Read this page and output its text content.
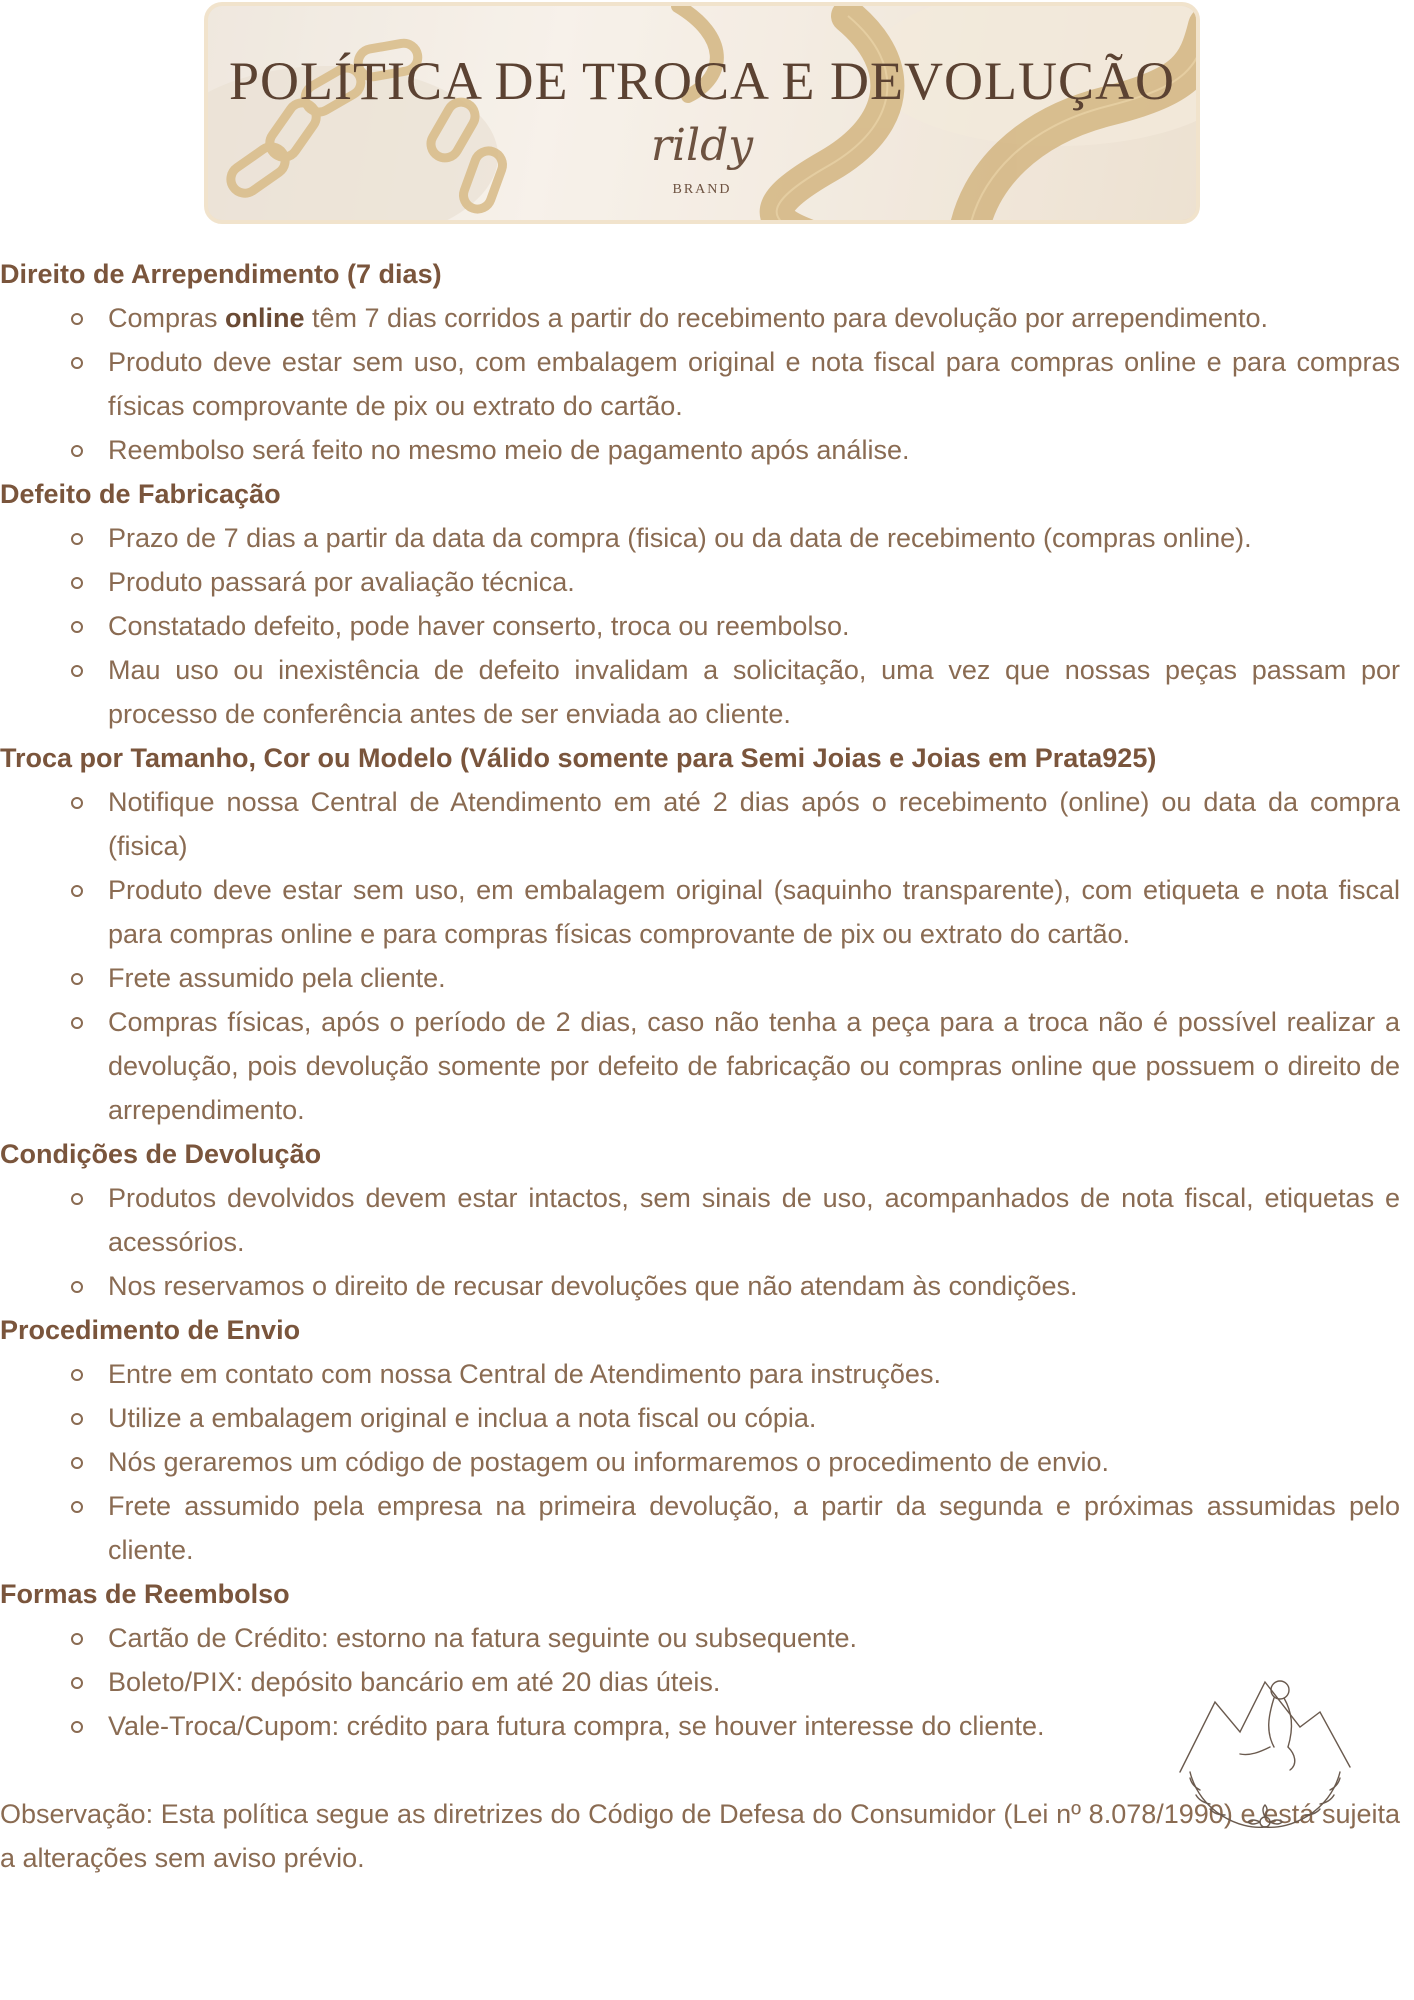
POLÍTICA DE TROCA E DEVOLUÇÃO
rildy
BRAND
Direito de Arrependimento (7 dias)
Compras online têm 7 dias corridos a partir do recebimento para devolução por arrependimento.
Produto deve estar sem uso, com embalagem original e nota fiscal para compras online e para compras físicas comprovante de pix ou extrato do cartão.
Reembolso será feito no mesmo meio de pagamento após análise.
Defeito de Fabricação
Prazo de 7 dias a partir da data da compra (fisica) ou da data de recebimento (compras online).
Produto passará por avaliação técnica.
Constatado defeito, pode haver conserto, troca ou reembolso.
Mau uso ou inexistência de defeito invalidam a solicitação, uma vez que nossas peças passam por processo de conferência antes de ser enviada ao cliente.
Troca por Tamanho, Cor ou Modelo (Válido somente para Semi Joias e Joias em Prata925)
Notifique nossa Central de Atendimento em até 2 dias após o recebimento (online) ou data da compra (fisica)
Produto deve estar sem uso, em embalagem original (saquinho transparente), com etiqueta e nota fiscal para compras online e para compras físicas comprovante de pix ou extrato do cartão.
Frete assumido pela cliente.
Compras físicas, após o período de 2 dias, caso não tenha a peça para a troca não é possível realizar a devolução, pois devolução somente por defeito de fabricação ou compras online que possuem o direito de arrependimento.
Condições de Devolução
Produtos devolvidos devem estar intactos, sem sinais de uso, acompanhados de nota fiscal, etiquetas e acessórios.
Nos reservamos o direito de recusar devoluções que não atendam às condições.
Procedimento de Envio
Entre em contato com nossa Central de Atendimento para instruções.
Utilize a embalagem original e inclua a nota fiscal ou cópia.
Nós geraremos um código de postagem ou informaremos o procedimento de envio.
Frete assumido pela empresa na primeira devolução, a partir da segunda e próximas assumidas pelo cliente.
Formas de Reembolso
Cartão de Crédito: estorno na fatura seguinte ou subsequente.
Boleto/PIX: depósito bancário em até 20 dias úteis.
Vale-Troca/Cupom: crédito para futura compra, se houver interesse do cliente.
Observação: Esta política segue as diretrizes do Código de Defesa do Consumidor (Lei nº 8.078/1990) e está sujeita a alterações sem aviso prévio.
